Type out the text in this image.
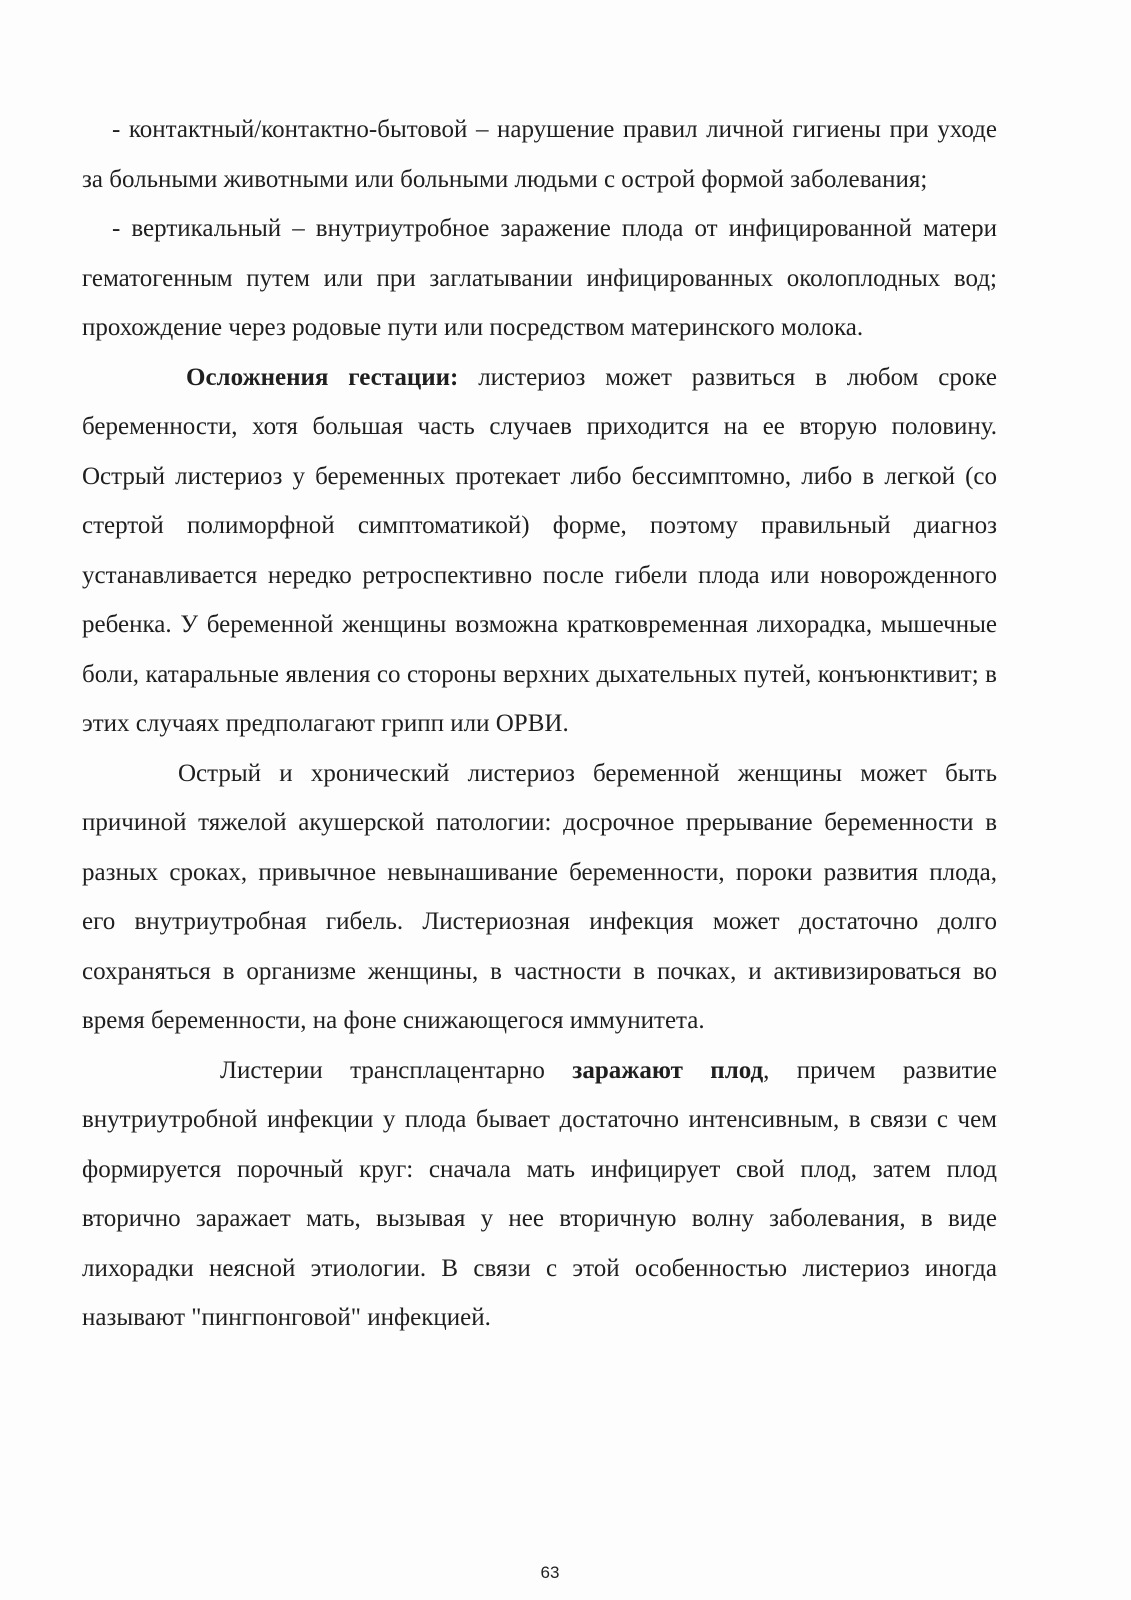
- контактный/контактно-бытовой – нарушение правил личной гигиены при уходе за больными животными или больными людьми с острой формой заболевания;

- вертикальный – внутриутробное заражение плода от инфицированной матери гематогенным путем или при заглатывании инфицированных околоплодных вод; прохождение через родовые пути или посредством материнского молока.

Осложнения гестации: листериоз может развиться в любом сроке беременности, хотя большая часть случаев приходится на ее вторую половину. Острый листериоз у беременных протекает либо бессимптомно, либо в легкой (со стертой полиморфной симптоматикой) форме, поэтому правильный диагноз устанавливается нередко ретроспективно после гибели плода или новорожденного ребенка. У беременной женщины возможна кратковременная лихорадка, мышечные боли, катаральные явления со стороны верхних дыхательных путей, конъюнктивит; в этих случаях предполагают грипп или ОРВИ.

Острый и хронический листериоз беременной женщины может быть причиной тяжелой акушерской патологии: досрочное прерывание беременности в разных сроках, привычное невынашивание беременности, пороки развития плода, его внутриутробная гибель. Листериозная инфекция может достаточно долго сохраняться в организме женщины, в частности в почках, и активизироваться во время беременности, на фоне снижающегося иммунитета.

Листерии трансплацентарно заражают плод, причем развитие внутриутробной инфекции у плода бывает достаточно интенсивным, в связи с чем формируется порочный круг: сначала мать инфицирует свой плод, затем плод вторично заражает мать, вызывая у нее вторичную волну заболевания, в виде лихорадки неясной этиологии. В связи с этой особенностью листериоз иногда называют "пингпонговой" инфекцией.

63
